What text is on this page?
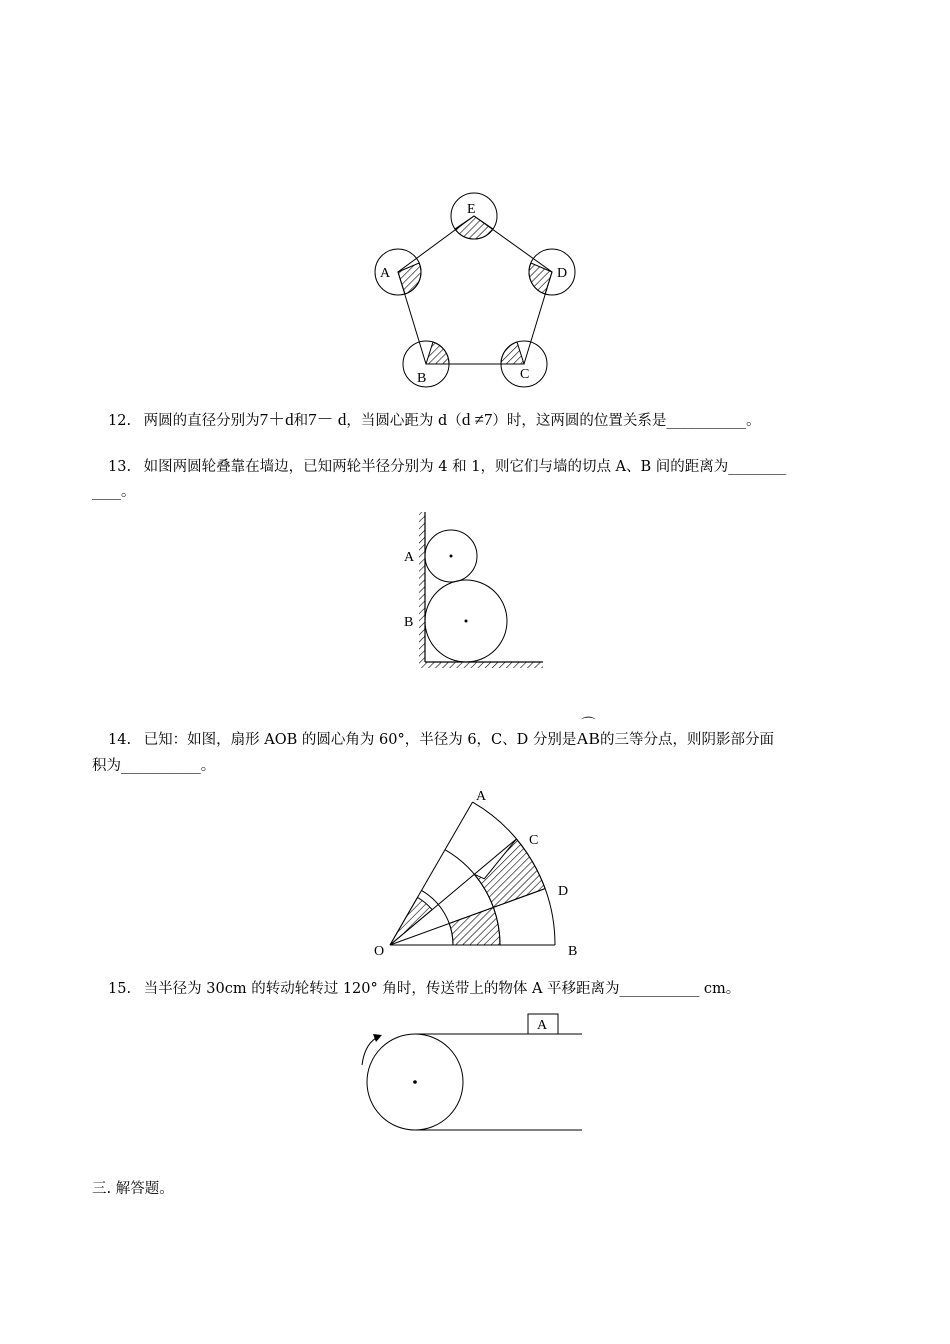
E
A	D
B	C
12. 两圆的直径分别为7＋d和7－ d，当圆心距为 d（d ≠7）时，这两圆的位置关系是___________。
13. 如图两圆轮叠靠在墙边，已知两轮半径分别为 4 和 1，则它们与墙的切点 A、B 间的距离为________
____。
A
B
14. 已知：如图，扇形 AOB 的圆心角为 60°，半径为 6，C、D 分别是
⌒
AB的三等分点，则阴影部分面
积为___________。
A
C
D
O	B
15. 当半径为 30cm 的转动轮转过 120° 角时，传送带上的物体 A 平移距离为___________ cm。
A
三. 解答题。
